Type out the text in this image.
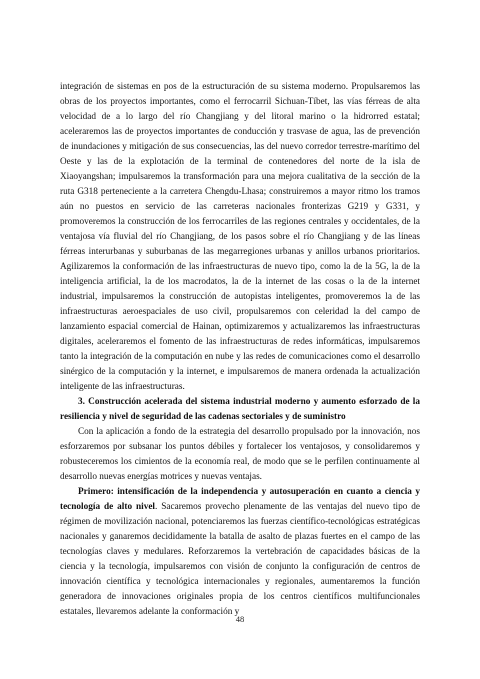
integración de sistemas en pos de la estructuración de su sistema moderno. Propulsaremos las obras de los proyectos importantes, como el ferrocarril Sichuan-Tíbet, las vías férreas de alta velocidad de a lo largo del río Changjiang y del litoral marino o la hidrorred estatal; aceleraremos las de proyectos importantes de conducción y trasvase de agua, las de prevención de inundaciones y mitigación de sus consecuencias, las del nuevo corredor terrestre-marítimo del Oeste y las de la explotación de la terminal de contenedores del norte de la isla de Xiaoyangshan; impulsaremos la transformación para una mejora cualitativa de la sección de la ruta G318 perteneciente a la carretera Chengdu-Lhasa; construiremos a mayor ritmo los tramos aún no puestos en servicio de las carreteras nacionales fronterizas G219 y G331, y promoveremos la construcción de los ferrocarriles de las regiones centrales y occidentales, de la ventajosa vía fluvial del río Changjiang, de los pasos sobre el río Changjiang y de las líneas férreas interurbanas y suburbanas de las megarregiones urbanas y anillos urbanos prioritarios. Agilizaremos la conformación de las infraestructuras de nuevo tipo, como la de la 5G, la de la inteligencia artificial, la de los macrodatos, la de la internet de las cosas o la de la internet industrial, impulsaremos la construcción de autopistas inteligentes, promoveremos la de las infraestructuras aeroespaciales de uso civil, propulsaremos con celeridad la del campo de lanzamiento espacial comercial de Hainan, optimizaremos y actualizaremos las infraestructuras digitales, aceleraremos el fomento de las infraestructuras de redes informáticas, impulsaremos tanto la integración de la computación en nube y las redes de comunicaciones como el desarrollo sinérgico de la computación y la internet, e impulsaremos de manera ordenada la actualización inteligente de las infraestructuras.

3. Construcción acelerada del sistema industrial moderno y aumento esforzado de la resiliencia y nivel de seguridad de las cadenas sectoriales y de suministro

Con la aplicación a fondo de la estrategia del desarrollo propulsado por la innovación, nos esforzaremos por subsanar los puntos débiles y fortalecer los ventajosos, y consolidaremos y robusteceremos los cimientos de la economía real, de modo que se le perfilen continuamente al desarrollo nuevas energías motrices y nuevas ventajas.

Primero: intensificación de la independencia y autosuperación en cuanto a ciencia y tecnología de alto nivel. Sacaremos provecho plenamente de las ventajas del nuevo tipo de régimen de movilización nacional, potenciaremos las fuerzas científico-tecnológicas estratégicas nacionales y ganaremos decididamente la batalla de asalto de plazas fuertes en el campo de las tecnologías claves y medulares. Reforzaremos la vertebración de capacidades básicas de la ciencia y la tecnología, impulsaremos con visión de conjunto la configuración de centros de innovación científica y tecnológica internacionales y regionales, aumentaremos la función generadora de innovaciones originales propia de los centros científicos multifuncionales estatales, llevaremos adelante la conformación y

48
